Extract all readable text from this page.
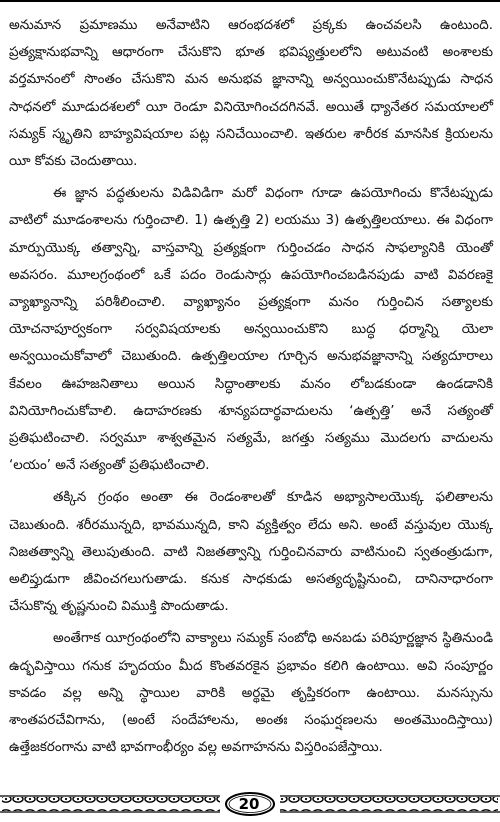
అనుమాన ప్రమాణము అనేవాటిని ఆరంభదశలో ప్రక్కకు ఉంచవలసి ఉంటుంది. ప్రత్యక్షానుభవాన్ని ఆధారంగా చేసుకొని భూత భవిష్యత్తులలోని అటువంటి అంశాలకు వర్తమానంలో సొంతం చేసుకొని మన అనుభవ జ్ఞానాన్ని అన్వయించుకొనేటప్పుడు సాధన సాధనలో మూడుదశలలో యీ రెండూ వినియోగించదగినవే. అయితే ధ్యానేతర సమయాలలో సమ్యక్ స్మృతిని బాహ్యవిషయాల పట్ల సనిచేయించాలి. ఇతరుల శారీరక మానసిక క్రియలను యీ కోవకు చెందుతాయి.

ఈ జ్ఞాన పద్ధతులను విడివిడిగా మరో విధంగా గూడా ఉపయోగించు కొనేటప్పుడు వాటిలో మూడంశాలను గుర్తించాలి. 1) ఉత్పత్తి 2) లయము 3) ఉత్పత్తిలయాలు. ఈ విధంగా మార్పుయొక్క తత్వాన్ని, వాస్తవాన్ని ప్రత్యక్షంగా గుర్తించడం సాధన సాఫల్యానికి యెంతో అవసరం. మూలగ్రంథంలో ఒకే పదం రెండుసార్లు ఉపయోగించబడినపుడు వాటి వివరణకై వ్యాఖ్యానాన్ని పరిశీలించాలి. వ్యాఖ్యానం ప్రత్యక్షంగా మనం గుర్తించిన సత్యాలకు యోచనాపూర్వకంగా సర్వవిషయాలకు అన్వయించుకొని బుద్ధ ధర్మాన్ని యెలా అన్వయించుకోవాలో చెబుతుంది. ఉత్పత్తిలయాల గూర్చిన అనుభవజ్ఞానాన్ని సత్యదూరాలు కేవలం ఊహజనితాలు అయిన సిద్ధాంతాలకు మనం లోబడకుండా ఉండడానికి వినియోగించుకోవాలి. ఉదాహరణకు శూన్యపదార్థవాదులను ‘ఉత్పత్తి’ అనే సత్యంతో ప్రతిఘటించాలి. సర్వమూ శాశ్వతమైన సత్యమే, జగత్తు సత్యము మొదలగు వాదులను ‘లయం’ అనే సత్యంతో ప్రతిఘటించాలి.

తక్కిన గ్రంథం అంతా ఈ రెండంశాలతో కూడిన అభ్యాసాలయొక్క ఫలితాలను చెబుతుంది. శరీరమున్నది, భావమున్నది, కాని వ్యక్తిత్వం లేదు అని. అంటే వస్తువుల యొక్క నిజతత్వాన్ని తెలుపుతుంది. వాటి నిజతత్వాన్ని గుర్తించినవారు వాటినుంచి స్వతంత్రుడుగా, అలిప్తుడుగా జీవించగలుగుతాడు. కనుక సాధకుడు అసత్యదృష్టినుంచి, దానినాధారంగా చేసుకొన్న తృష్ణనుంచి విముక్తి పొందుతాడు.

అంతేగాక యీగ్రంథంలోని వాక్యాలు సమ్యక్ సంబోధి అనబడు పరిపూర్ణజ్ఞాన స్థితినుండి ఉద్భవిస్తాయి గనుక హృదయం మీద కొంతవరకైన ప్రభావం కలిగి ఉంటాయి. అవి సంపూర్ణం కావడం వల్ల అన్ని స్థాయిల వారికి అర్థమై తృప్తికరంగా ఉంటాయి. మనస్సును శాంతపరచేవిగాను, (అంటే సందేహాలను, అంతః సంఘర్షణలను అంతమొందిస్తాయి) ఉత్తేజకరంగాను వాటి భావగాంభీర్యం వల్ల అవగాహనను విస్తరింపజేస్తాయి.

20
